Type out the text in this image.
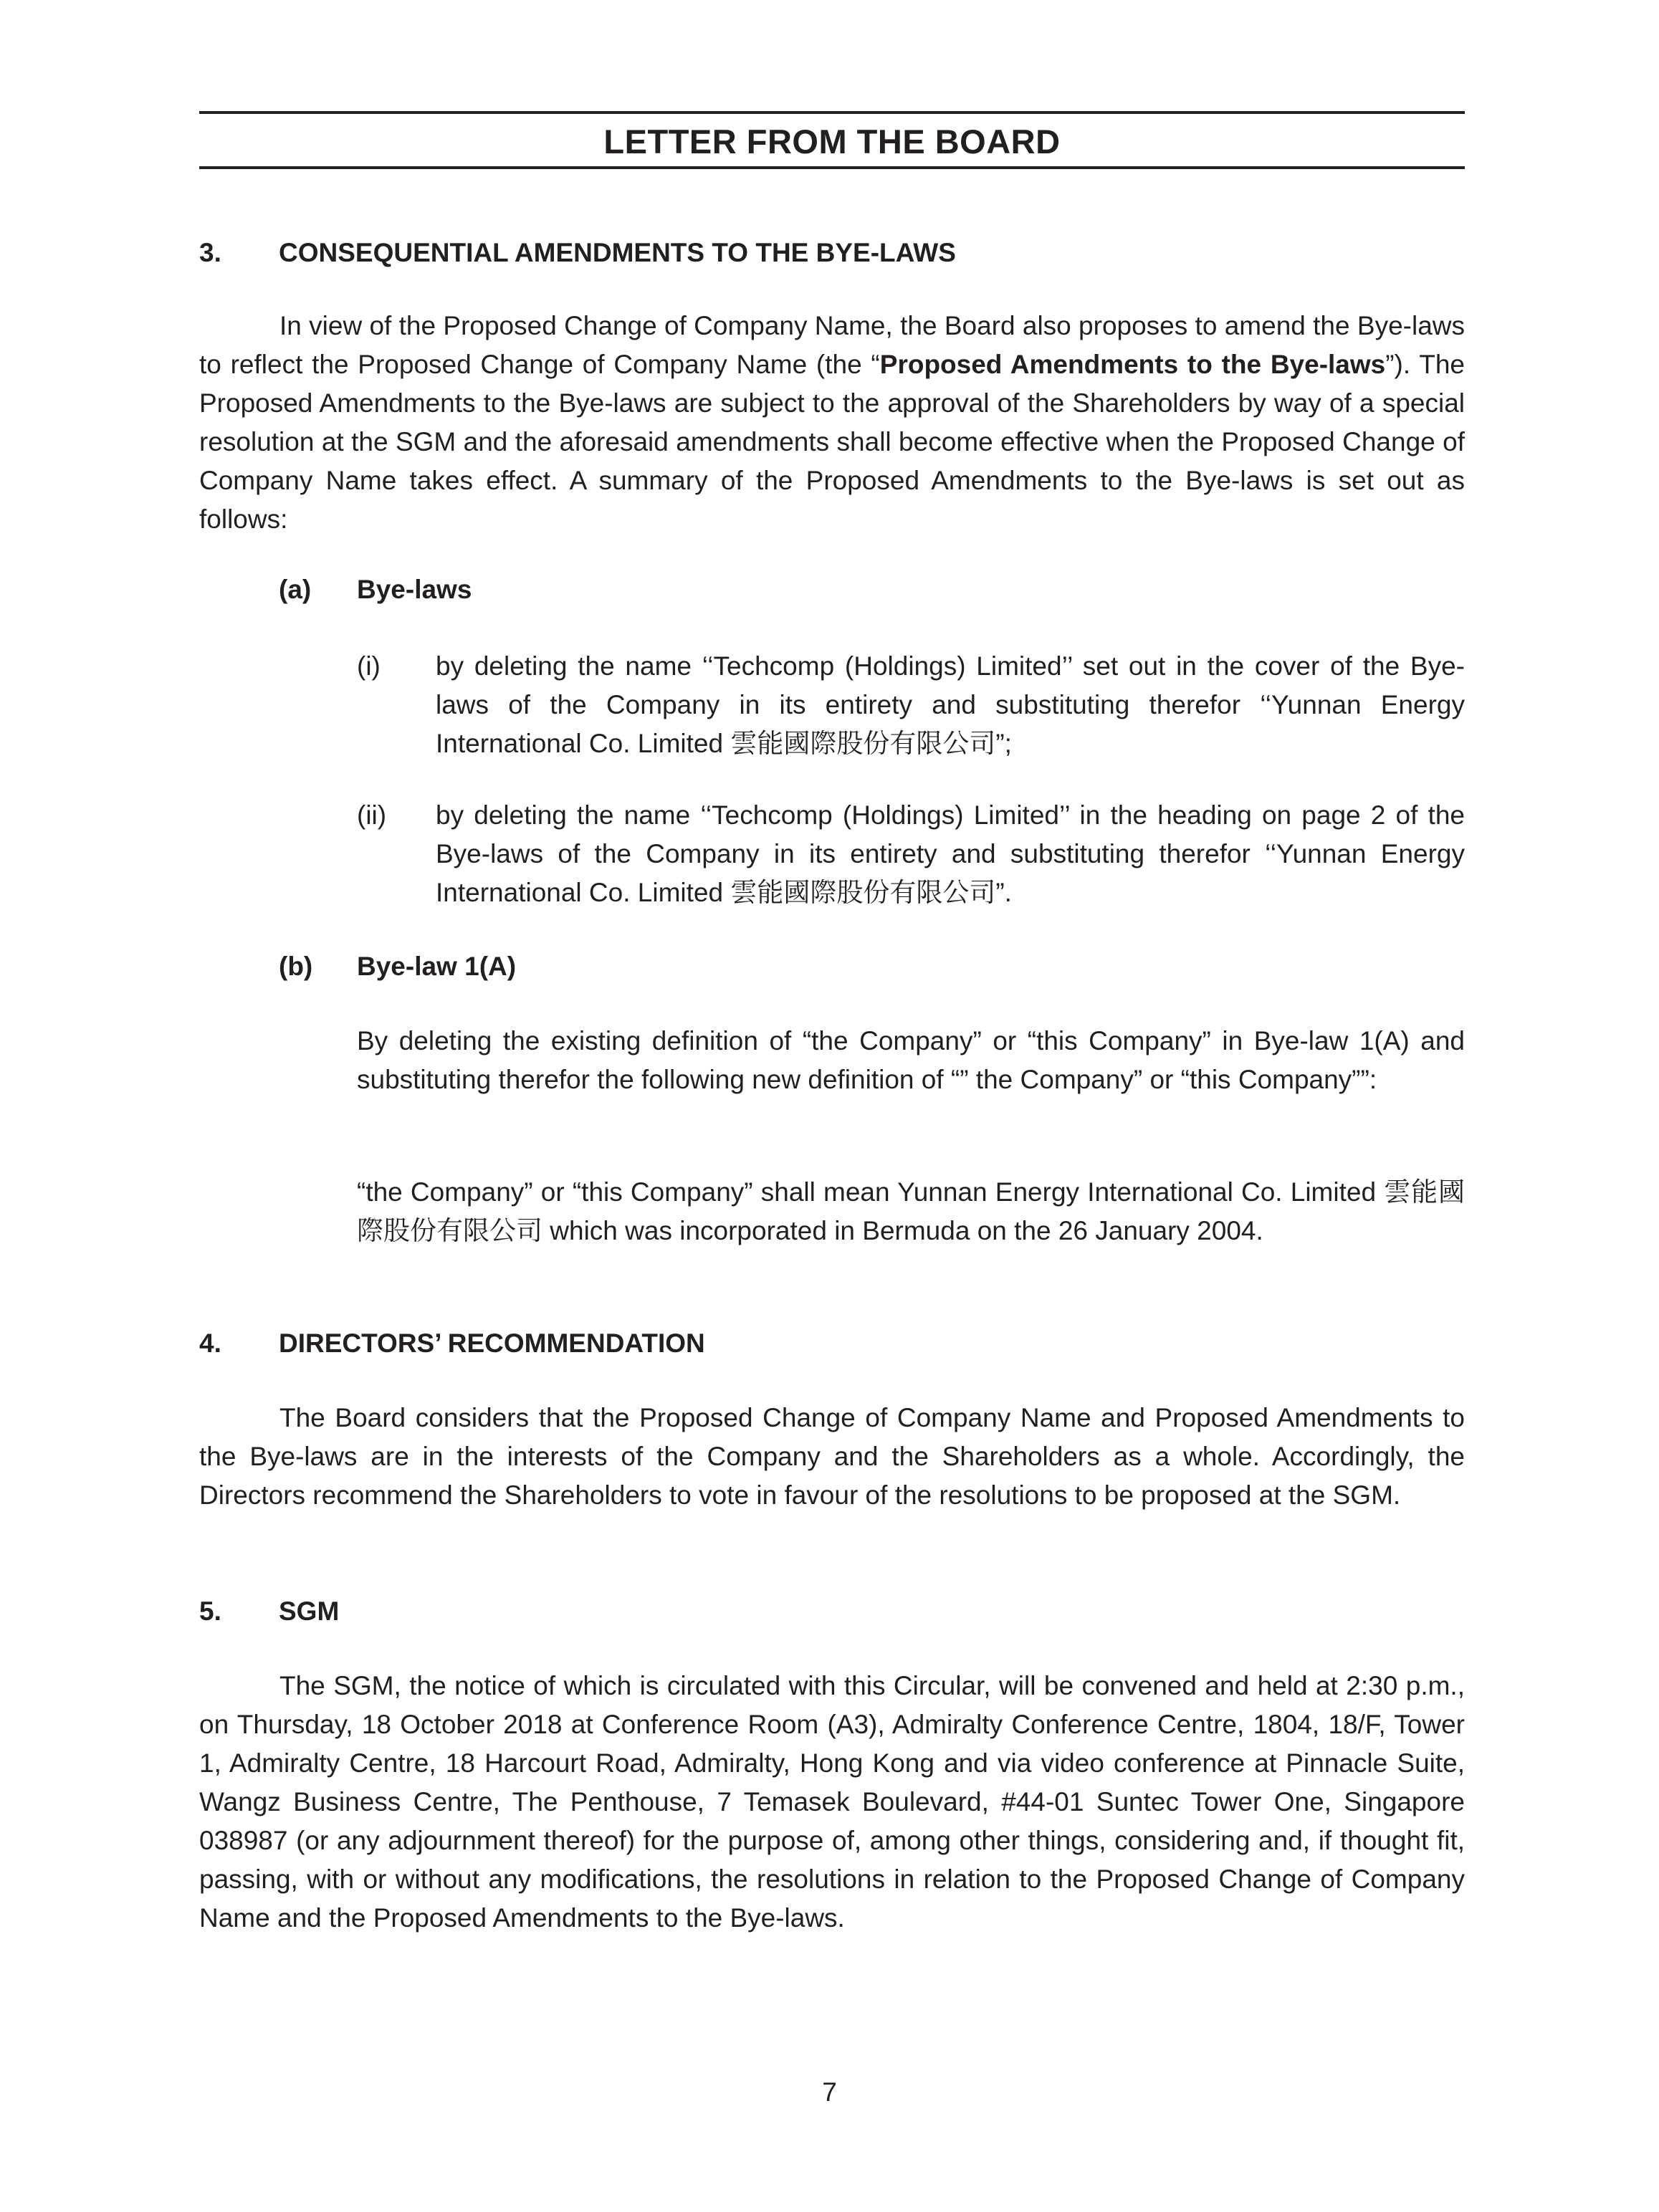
LETTER FROM THE BOARD
3. CONSEQUENTIAL AMENDMENTS TO THE BYE-LAWS
In view of the Proposed Change of Company Name, the Board also proposes to amend the Bye-laws to reflect the Proposed Change of Company Name (the “Proposed Amendments to the Bye-laws”). The Proposed Amendments to the Bye-laws are subject to the approval of the Shareholders by way of a special resolution at the SGM and the aforesaid amendments shall become effective when the Proposed Change of Company Name takes effect. A summary of the Proposed Amendments to the Bye-laws is set out as follows:
(a) Bye-laws
(i) by deleting the name ‘‘Techcomp (Holdings) Limited’’ set out in the cover of the Bye-laws of the Company in its entirety and substituting therefor ‘‘Yunnan Energy International Co. Limited 雲能國際股份有限公司”;
(ii) by deleting the name ‘‘Techcomp (Holdings) Limited’’ in the heading on page 2 of the Bye-laws of the Company in its entirety and substituting therefor ‘‘Yunnan Energy International Co. Limited 雲能國際股份有限公司”.
(b) Bye-law 1(A)
By deleting the existing definition of “the Company” or “this Company” in Bye-law 1(A) and substituting therefor the following new definition of “” the Company” or “this Company””:
“the Company” or “this Company” shall mean Yunnan Energy International Co. Limited 雲能國際股份有限公司 which was incorporated in Bermuda on the 26 January 2004.
4. DIRECTORS’ RECOMMENDATION
The Board considers that the Proposed Change of Company Name and Proposed Amendments to the Bye-laws are in the interests of the Company and the Shareholders as a whole. Accordingly, the Directors recommend the Shareholders to vote in favour of the resolutions to be proposed at the SGM.
5. SGM
The SGM, the notice of which is circulated with this Circular, will be convened and held at 2:30 p.m., on Thursday, 18 October 2018 at Conference Room (A3), Admiralty Conference Centre, 1804, 18/F, Tower 1, Admiralty Centre, 18 Harcourt Road, Admiralty, Hong Kong and via video conference at Pinnacle Suite, Wangz Business Centre, The Penthouse, 7 Temasek Boulevard, #44-01 Suntec Tower One, Singapore 038987 (or any adjournment thereof) for the purpose of, among other things, considering and, if thought fit, passing, with or without any modifications, the resolutions in relation to the Proposed Change of Company Name and the Proposed Amendments to the Bye-laws.
7
